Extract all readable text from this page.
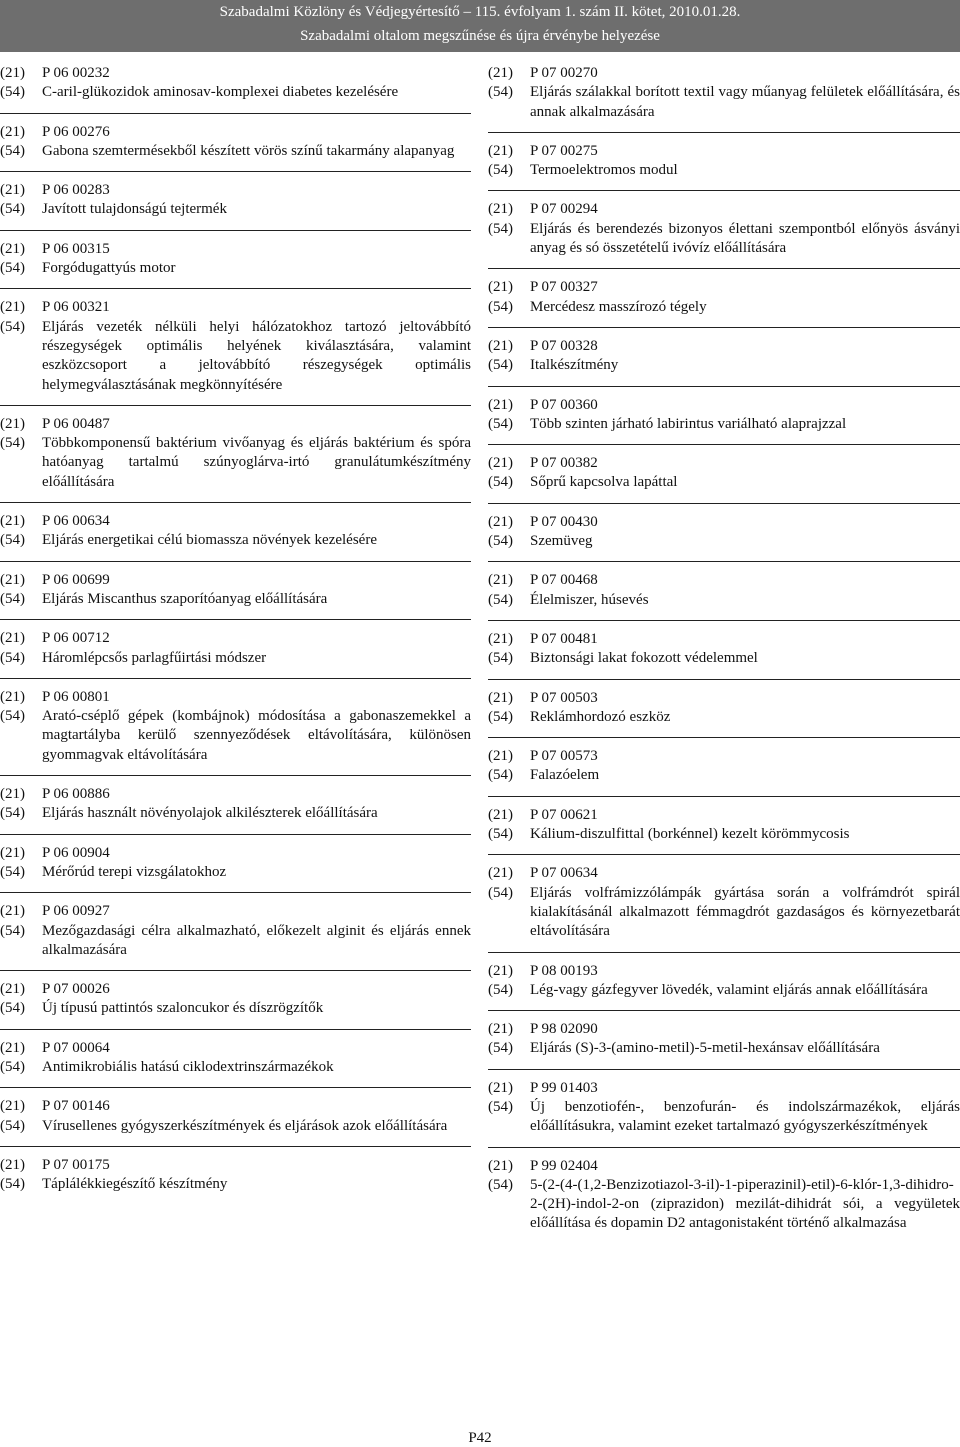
Szabadalmi Közlöny és Védjegyértesítő – 115. évfolyam 1. szám II. kötet, 2010.01.28.
Szabadalmi oltalom megszűnése és újra érvénybe helyezése
(21)	P 06 00232
(54)	C-aril-glükozidok aminosav-komplexei diabetes kezelésére
(21)	P 06 00276
(54)	Gabona szemtermésekből készített vörös színű takarmány alapanyag
(21)	P 06 00283
(54)	Javított tulajdonságú tejtermék
(21)	P 06 00315
(54)	Forgódugattyús motor
(21)	P 06 00321
(54)	Eljárás vezeték nélküli helyi hálózatokhoz tartozó jeltovábbító részegységek optimális helyének kiválasztására, valamint eszközcsoport a jeltovábbító részegységek optimális helymegválasztásának megkönnyítésére
(21)	P 06 00487
(54)	Többkomponensű baktérium vivőanyag és eljárás baktérium és spóra hatóanyag tartalmú szúnyoglárva-irtó granulátumkészítmény előállítására
(21)	P 06 00634
(54)	Eljárás energetikai célú biomassza növények kezelésére
(21)	P 06 00699
(54)	Eljárás Miscanthus szaporítóanyag előállítására
(21)	P 06 00712
(54)	Háromlépcsős parlagfűirtási módszer
(21)	P 06 00801
(54)	Arató-cséplő gépek (kombájnok) módosítása a gabonaszemekkel a magtartályba kerülő szennyeződések eltávolítására, különösen gyommagvak eltávolítására
(21)	P 06 00886
(54)	Eljárás használt növényolajok alkilészterek előállítására
(21)	P 06 00904
(54)	Mérőrúd terepi vizsgálatokhoz
(21)	P 06 00927
(54)	Mezőgazdasági célra alkalmazható, előkezelt alginit és eljárás ennek alkalmazására
(21)	P 07 00026
(54)	Új típusú pattintós szaloncukor és díszrögzítők
(21)	P 07 00064
(54)	Antimikrobiális hatású ciklodextrinszármazékok
(21)	P 07 00146
(54)	Vírusellenes gyógyszerkészítmények és eljárások azok előállítására
(21)	P 07 00175
(54)	Táplálékkiegészítő készítmény
(21)	P 07 00270
(54)	Eljárás szálakkal borított textil vagy műanyag felületek előállítására, és annak alkalmazására
(21)	P 07 00275
(54)	Termoelektromos modul
(21)	P 07 00294
(54)	Eljárás és berendezés bizonyos élettani szempontból előnyös ásványi anyag és só összetételű ivóvíz előállítására
(21)	P 07 00327
(54)	Mercédesz masszírozó tégely
(21)	P 07 00328
(54)	Italkészítmény
(21)	P 07 00360
(54)	Több szinten járható labirintus variálható alaprajzzal
(21)	P 07 00382
(54)	Sőprű kapcsolva lapáttal
(21)	P 07 00430
(54)	Szemüveg
(21)	P 07 00468
(54)	Élelmiszer, húsevés
(21)	P 07 00481
(54)	Biztonsági lakat fokozott védelemmel
(21)	P 07 00503
(54)	Reklámhordozó eszköz
(21)	P 07 00573
(54)	Falazóelem
(21)	P 07 00621
(54)	Kálium-diszulfittal (borkénnel) kezelt körömmycosis
(21)	P 07 00634
(54)	Eljárás volfrámizzólámpák gyártása során a volfrámdrót spirál kialakításánál alkalmazott fémmagdrót gazdaságos és környezetbarát eltávolítására
(21)	P 08 00193
(54)	Lég-vagy gázfegyver lövedék, valamint eljárás annak előállítására
(21)	P 98 02090
(54)	Eljárás (S)-3-(amino-metil)-5-metil-hexánsav előállítására
(21)	P 99 01403
(54)	Új benzotiofén-, benzofurán- és indolszármazékok, eljárás előállításukra, valamint ezeket tartalmazó gyógyszerkészítmények
(21)	P 99 02404
(54)	5-(2-(4-(1,2-Benzizotiazol-3-il)-1-piperazinil)-etil)-6-klór-1,3-dihidro-2-(2H)-indol-2-on (ziprazidon) mezilát-dihidrát sói, a vegyületek előállítása és dopamin D2 antagonistaként történő alkalmazása
P42
